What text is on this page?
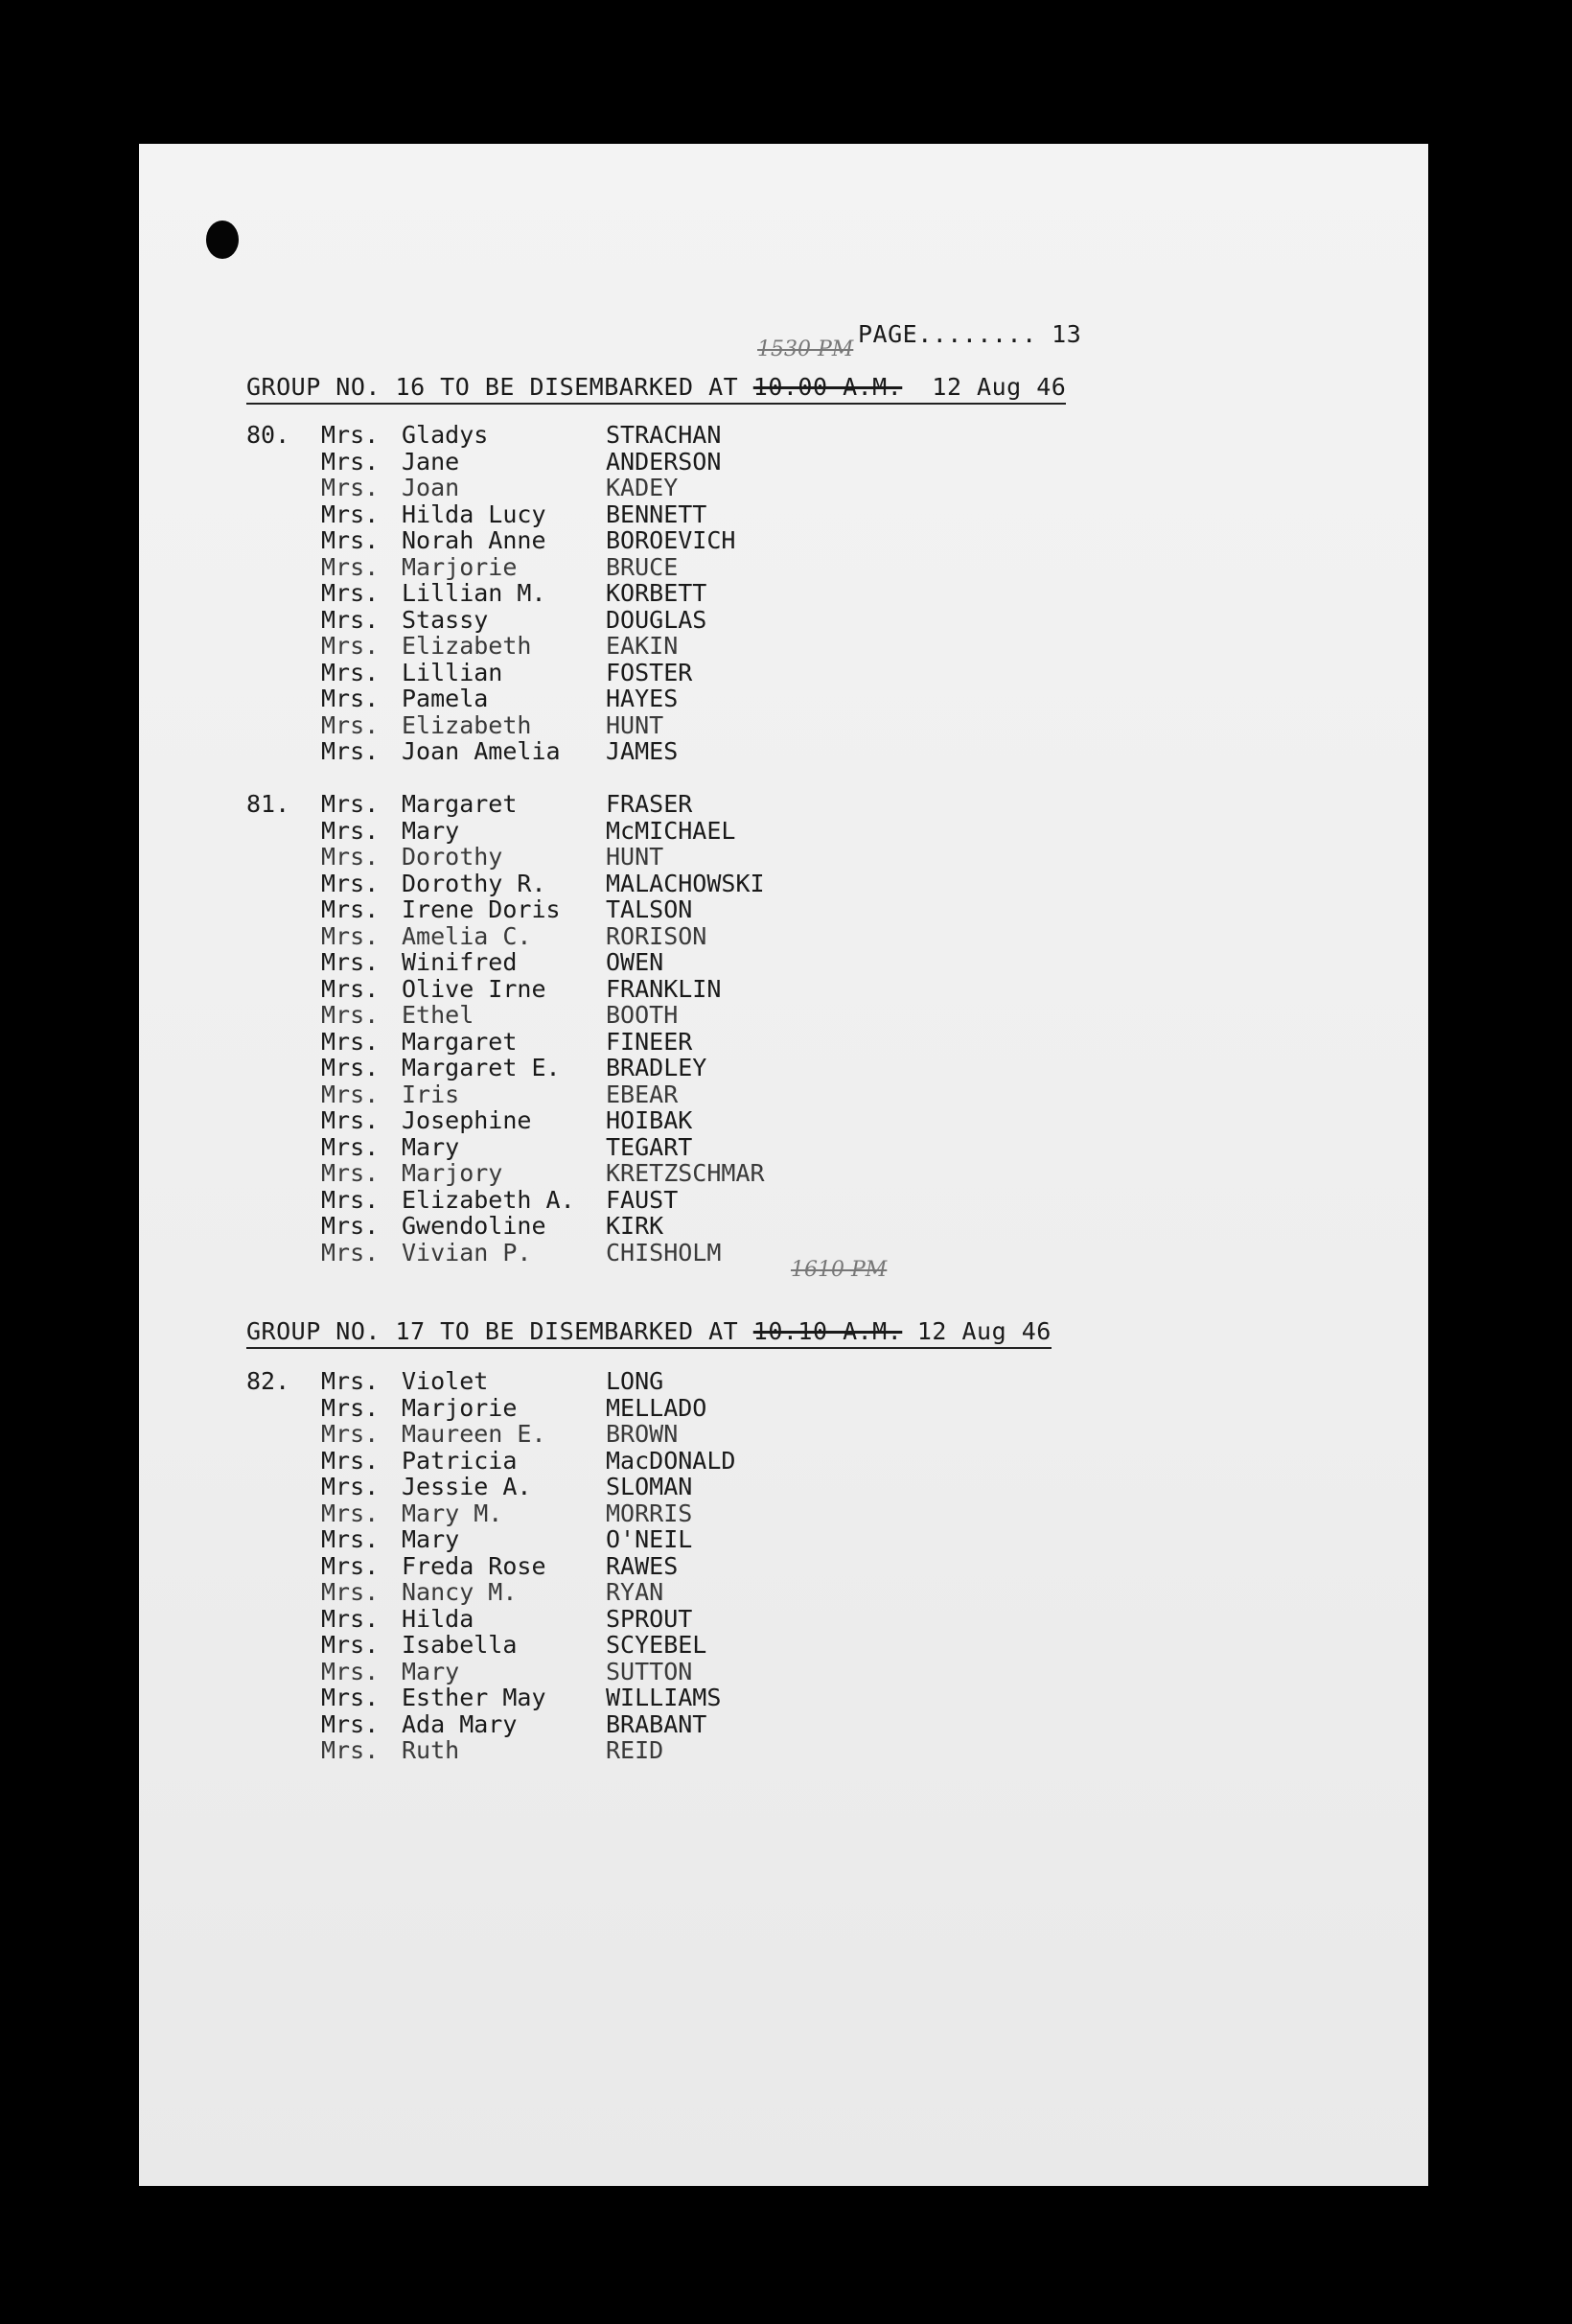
PAGE........ 13
1530 PM
GROUP NO. 16 TO BE DISEMBARKED AT 10.00 A.M. 12 Aug 46
80. Mrs. Gladys	STRACHAN
Mrs. Jane	ANDERSON
Mrs. Joan	KADEY
Mrs. Hilda Lucy BENNETT
Mrs. Norah Anne BOROEVICH
Mrs. Marjorie	BRUCE
Mrs. Lillian M. KORBETT
Mrs. Stassy	DOUGLAS
Mrs. Elizabeth	EAKIN
Mrs. Lillian	FOSTER
Mrs. Pamela	HAYES
Mrs. Elizabeth	HUNT
Mrs. Joan Amelia JAMES
81. Mrs. Margaret	FRASER
Mrs. Mary	McMICHAEL
Mrs. Dorothy	HUNT
Mrs. Dorothy R. MALACHOWSKI
Mrs. Irene Doris TALSON
Mrs. Amelia C.	RORISON
Mrs. Winifred	OWEN
Mrs. Olive Irne FRANKLIN
Mrs. Ethel	BOOTH
Mrs. Margaret	FINEER
Mrs. Margaret E. BRADLEY
Mrs. Iris	EBEAR
Mrs. Josephine	HOIBAK
Mrs. Mary	TEGART
Mrs. Marjory	KRETZSCHMAR
Mrs. Elizabeth A. FAUST
Mrs. Gwendoline KIRK
Mrs. Vivian P.	CHISHOLM
1610 PM
GROUP NO. 17 TO BE DISEMBARKED AT 10.10 A.M. 12 Aug 46
82. Mrs. Violet	LONG
Mrs. Marjorie	MELLADO
Mrs. Maureen E. BROWN
Mrs. Patricia	MacDONALD
Mrs. Jessie A.	SLOMAN
Mrs. Mary M.	MORRIS
Mrs. Mary	O'NEIL
Mrs. Freda Rose RAWES
Mrs. Nancy M.	RYAN
Mrs. Hilda	SPROUT
Mrs. Isabella	SCYEBEL
Mrs. Mary	SUTTON
Mrs. Esther May WILLIAMS
Mrs. Ada Mary	BRABANT
Mrs. Ruth	REID
